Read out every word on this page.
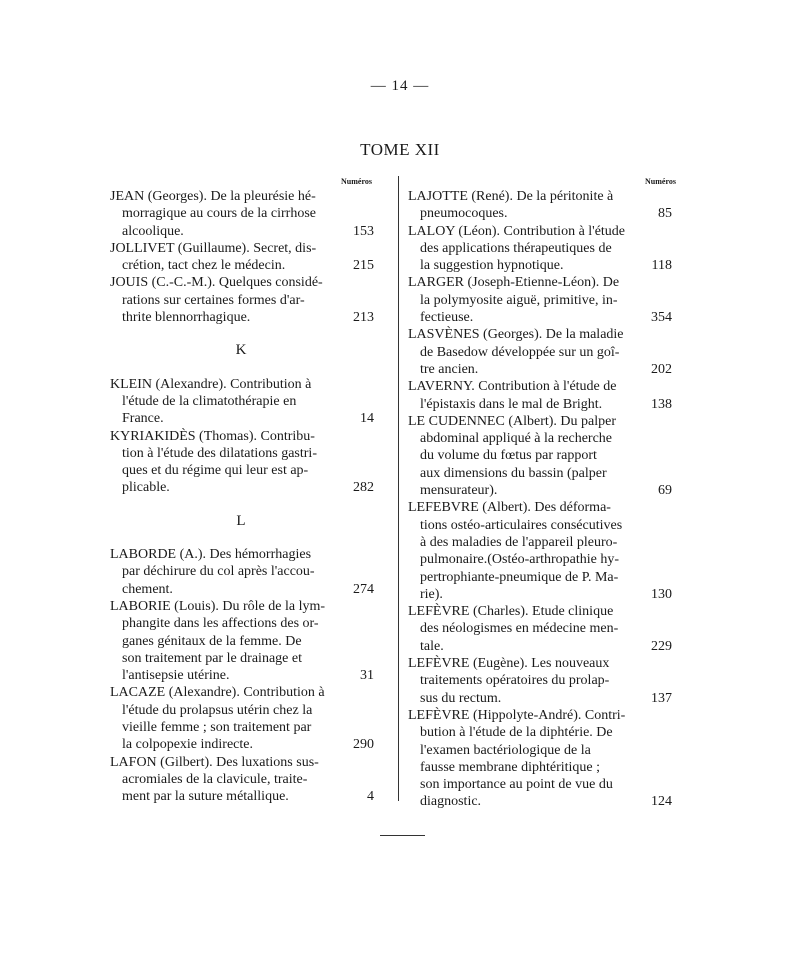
— 14 —
TOME XII
Numéros
JEAN (Georges). De la pleurésie hé-
morragique au cours de la cirrhose
alcoolique.	153
JOLLIVET (Guillaume). Secret, dis-
crétion, tact chez le médecin.	215
JOUIS (C.-C.-M.). Quelques considé-
rations sur certaines formes d'ar-
thrite blennorrhagique.	213
K
KLEIN (Alexandre). Contribution à
l'étude de la climatothérapie en
France.	14
KYRIAKIDÈS (Thomas). Contribu-
tion à l'étude des dilatations gastri-
ques et du régime qui leur est ap-
plicable.	282
L
LABORDE (A.). Des hémorrhagies
par déchirure du col après l'accou-
chement.	274
LABORIE (Louis). Du rôle de la lym-
phangite dans les affections des or-
ganes génitaux de la femme. De
son traitement par le drainage et
l'antisepsie utérine.	31
LACAZE (Alexandre). Contribution à
l'étude du prolapsus utérin chez la
vieille femme ; son traitement par
la colpopexie indirecte.	290
LAFON (Gilbert). Des luxations sus-
acromiales de la clavicule, traite-
ment par la suture métallique.	4
Numéros
LAJOTTE (René). De la péritonite à
pneumocoques.	85
LALOY (Léon). Contribution à l'étude
des applications thérapeutiques de
la suggestion hypnotique.	118
LARGER (Joseph-Etienne-Léon). De
la polymyosite aiguë, primitive, in-
fectieuse.	354
LASVÈNES (Georges). De la maladie
de Basedow développée sur un goî-
tre ancien.	202
LAVERNY. Contribution à l'étude de
l'épistaxis dans le mal de Bright.	138
LE CUDENNEC (Albert). Du palper
abdominal appliqué à la recherche
du volume du fœtus par rapport
aux dimensions du bassin (palper
mensurateur).	69
LEFEBVRE (Albert). Des déforma-
tions ostéo-articulaires consécutives
à des maladies de l'appareil pleuro-
pulmonaire.(Ostéo-arthropathie hy-
pertrophiante-pneumique de P. Ma-
rie).	130
LEFÈVRE (Charles). Etude clinique
des néologismes en médecine men-
tale.	229
LEFÈVRE (Eugène). Les nouveaux
traitements opératoires du prolap-
sus du rectum.	137
LEFÈVRE (Hippolyte-André). Contri-
bution à l'étude de la diphtérie. De
l'examen bactériologique de la
fausse membrane diphtéritique ;
son importance au point de vue du
diagnostic.	124
